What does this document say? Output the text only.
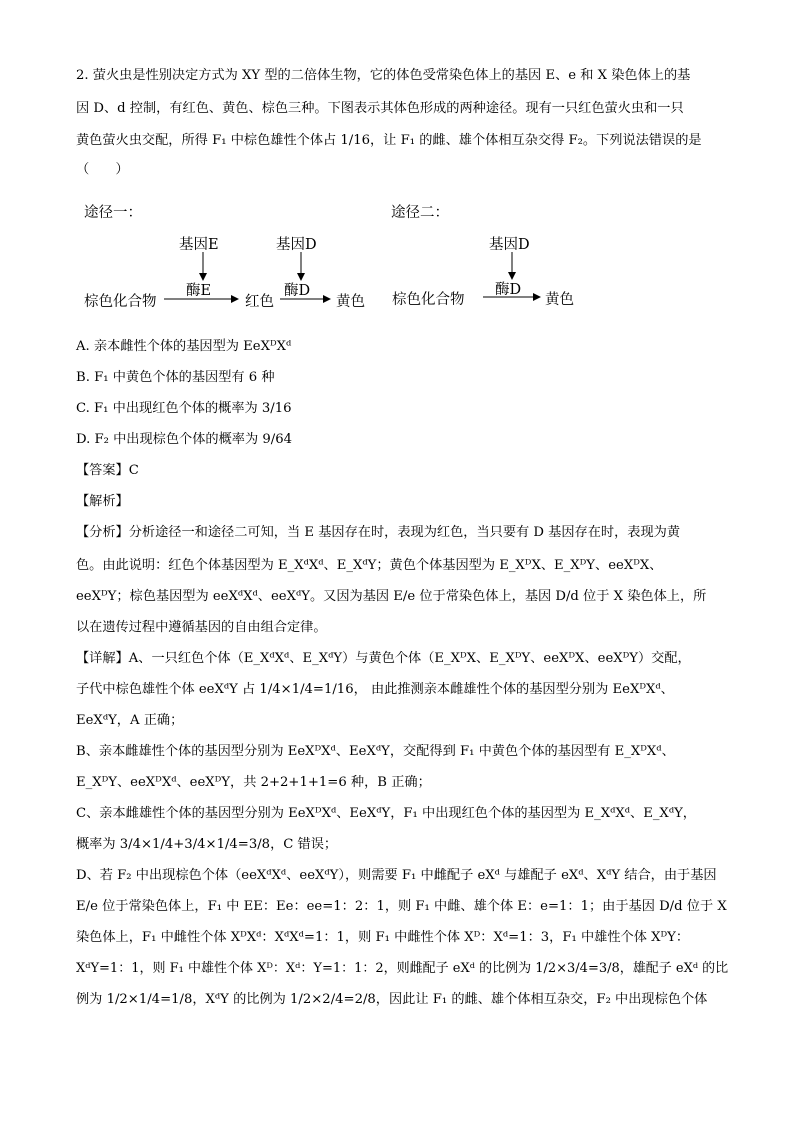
2. 萤火虫是性别决定方式为 XY 型的二倍体生物，它的体色受常染色体上的基因 E、e 和 X 染色体上的基
因 D、d 控制，有红色、黄色、棕色三种。下图表示其体色形成的两种途径。现有一只红色萤火虫和一只
黄色萤火虫交配，所得 F₁ 中棕色雄性个体占 1/16，让 F₁ 的雌、雄个体相互杂交得 F₂。下列说法错误的是
（　　）
途径一：
基因E	基因D
棕色化合物
酶E
红色
酶D
黄色
途径二：
基因D
棕色化合物
酶D
黄色
A. 亲本雌性个体的基因型为 EeXᴰXᵈ
B. F₁ 中黄色个体的基因型有 6 种
C. F₁ 中出现红色个体的概率为 3/16
D. F₂ 中出现棕色个体的概率为 9/64
【答案】C
【解析】
【分析】分析途径一和途径二可知，当 E 基因存在时，表现为红色，当只要有 D 基因存在时，表现为黄
色。由此说明：红色个体基因型为 E_XᵈXᵈ、E_XᵈY；黄色个体基因型为 E_XᴰX、E_XᴰY、eeXᴰX、
eeXᴰY；棕色基因型为 eeXᵈXᵈ、eeXᵈY。又因为基因 E/e 位于常染色体上，基因 D/d 位于 X 染色体上，所
以在遗传过程中遵循基因的自由组合定律。
【详解】A、一只红色个体（E_XᵈXᵈ、E_XᵈY）与黄色个体（E_XᴰX、E_XᴰY、eeXᴰX、eeXᴰY）交配，
子代中棕色雄性个体 eeXᵈY 占 1/4×1/4=1/16， 由此推测亲本雌雄性个体的基因型分别为 EeXᴰXᵈ、
EeXᵈY，A 正确；
B、亲本雌雄性个体的基因型分别为 EeXᴰXᵈ、EeXᵈY，交配得到 F₁ 中黄色个体的基因型有 E_XᴰXᵈ、
E_XᴰY、eeXᴰXᵈ、eeXᴰY，共 2+2+1+1=6 种，B 正确；
C、亲本雌雄性个体的基因型分别为 EeXᴰXᵈ、EeXᵈY，F₁ 中出现红色个体的基因型为 E_XᵈXᵈ、E_XᵈY，
概率为 3/4×1/4+3/4×1/4=3/8，C 错误；
D、若 F₂ 中出现棕色个体（eeXᵈXᵈ、eeXᵈY），则需要 F₁ 中雌配子 eXᵈ 与雄配子 eXᵈ、XᵈY 结合，由于基因
E/e 位于常染色体上，F₁ 中 EE：Ee：ee=1：2：1，则 F₁ 中雌、雄个体 E：e=1：1；由于基因 D/d 位于 X
染色体上，F₁ 中雌性个体 XᴰXᵈ：XᵈXᵈ=1：1，则 F₁ 中雌性个体 Xᴰ：Xᵈ=1：3，F₁ 中雄性个体 XᴰY：
XᵈY=1：1，则 F₁ 中雄性个体 Xᴰ：Xᵈ：Y=1：1：2，则雌配子 eXᵈ 的比例为 1/2×3/4=3/8，雄配子 eXᵈ 的比
例为 1/2×1/4=1/8，XᵈY 的比例为 1/2×2/4=2/8，因此让 F₁ 的雌、雄个体相互杂交，F₂ 中出现棕色个体
